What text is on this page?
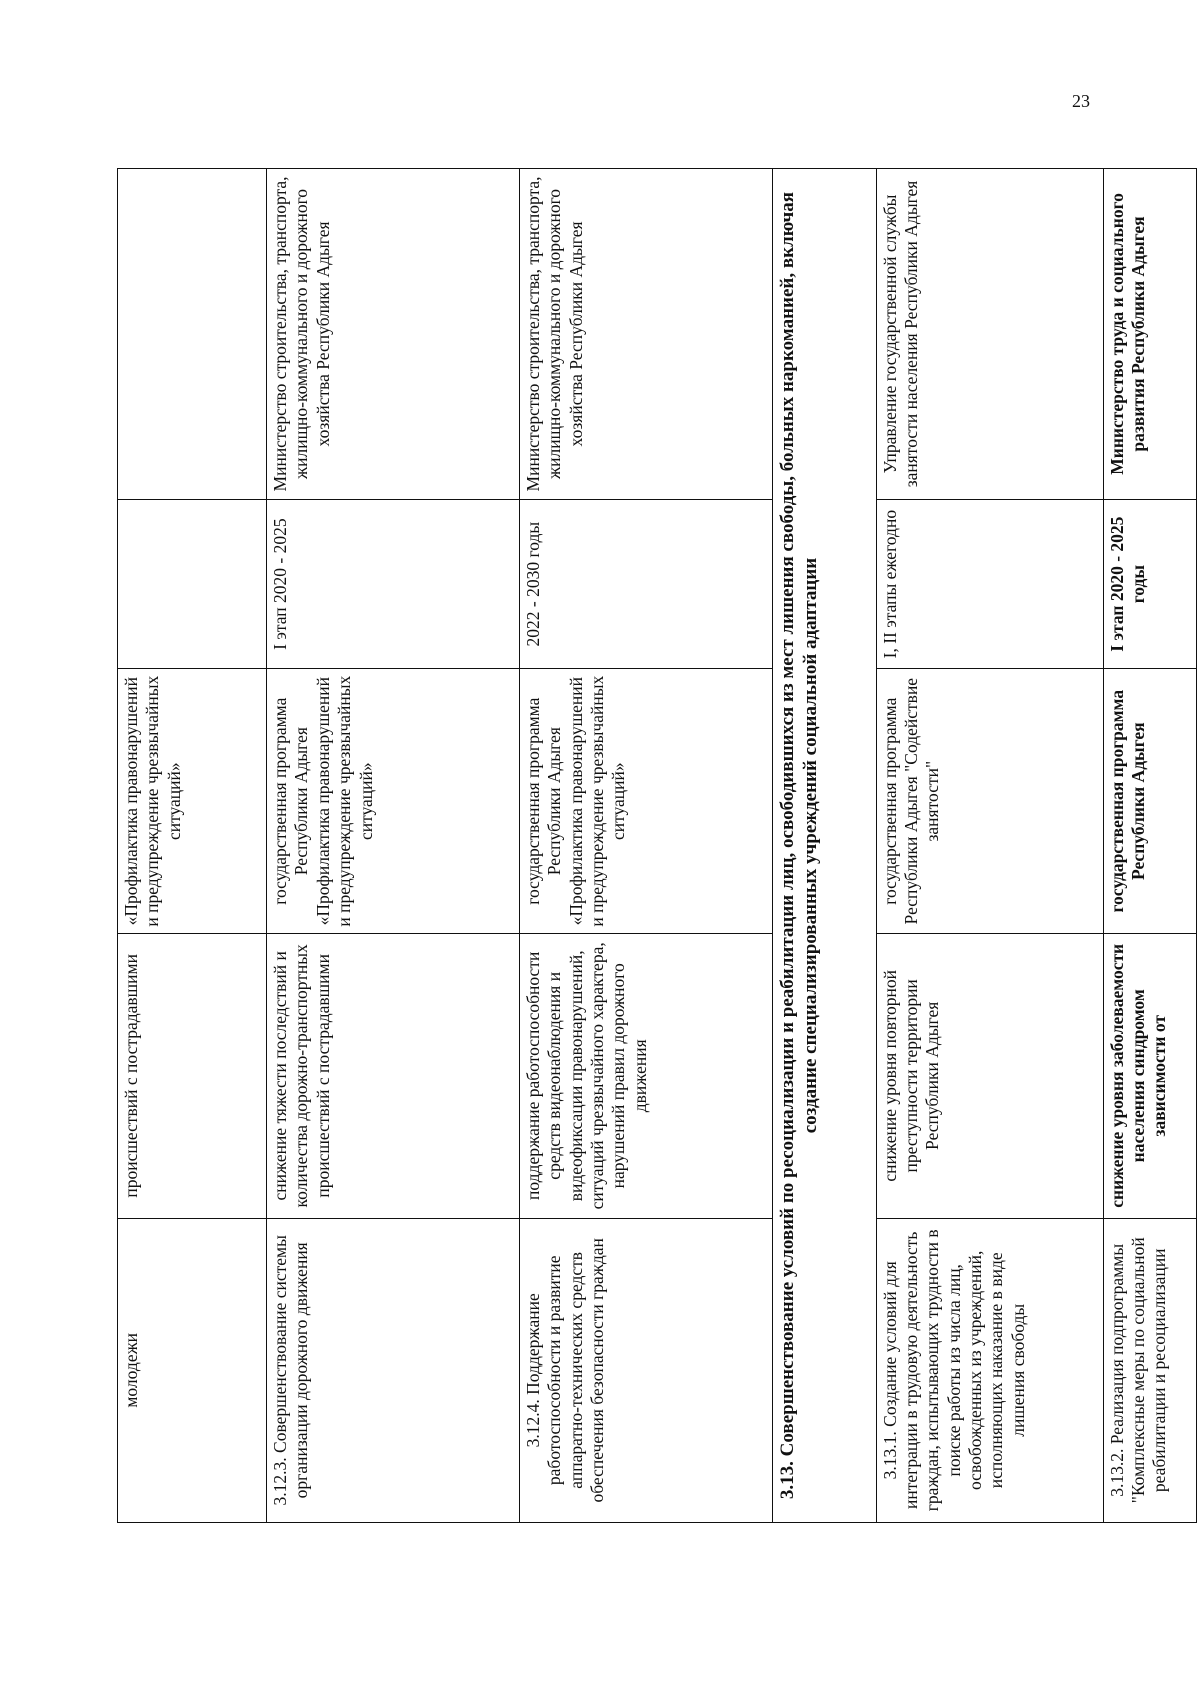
23
молодежи	происшествий с пострадавшими	«Профилактика правонарушений и предупреждение чрезвычайных ситуаций»		
3.12.3. Совершенствование системы организации дорожного движения	снижение тяжести последствий и количества дорожно-транспортных происшествий с пострадавшими	государственная программа Республики Адыгея «Профилактика правонарушений и предупреждение чрезвычайных ситуаций»	I этап 2020 - 2025	Министерство строительства, транспорта, жилищно-коммунального и дорожного хозяйства Республики Адыгея
3.12.4. Поддержание работоспособности и развитие аппаратно-технических средств обеспечения безопасности граждан	поддержание работоспособности средств видеонаблюдения и видеофиксации правонарушений, ситуаций чрезвычайного характера, нарушений правил дорожного движения	государственная программа Республики Адыгея «Профилактика правонарушений и предупреждение чрезвычайных ситуаций»	2022 - 2030 годы	Министерство строительства, транспорта, жилищно-коммунального и дорожного хозяйства Республики Адыгея
3.13. Совершенствование условий по ресоциализации и реабилитации лиц, освободившихся из мест лишения свободы, больных наркоманией, включая создание специализированных учреждений социальной адаптации				
3.13.1. Создание условий для интеграции в трудовую деятельность граждан, испытывающих трудности в поиске работы из числа лиц, освобожденных из учреждений, исполняющих наказание в виде лишения свободы	снижение уровня повторной преступности территории Республики Адыгея	государственная программа Республики Адыгея "Содействие занятости"	I, II этапы ежегодно	Управление государственной службы занятости населения Республики Адыгея
3.13.2. Реализация подпрограммы "Комплексные меры по социальной реабилитации и ресоциализации	снижение уровня заболеваемости населения синдромом зависимости от	государственная программа Республики Адыгея	I этап 2020 - 2025 годы	Министерство труда и социального развития Республики Адыгея
